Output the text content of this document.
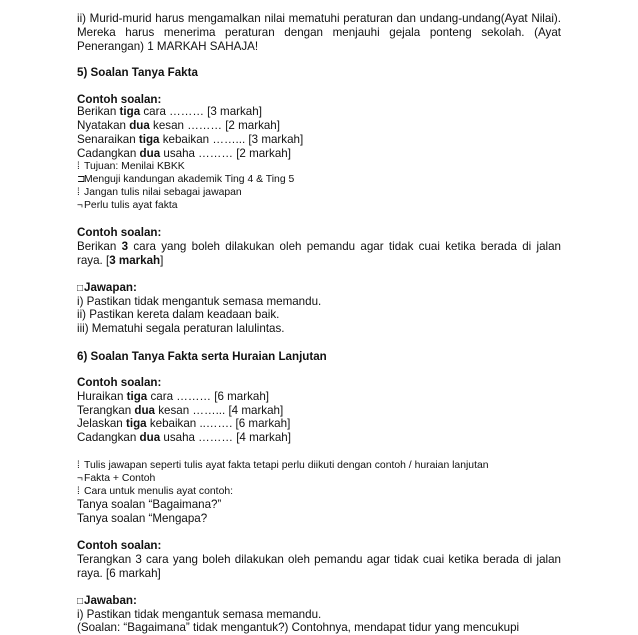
ii) Murid-murid harus mengamalkan nilai mematuhi peraturan dan undang-undang(Ayat Nilai). Mereka harus menerima peraturan dengan menjauhi gejala ponteng sekolah. (Ayat Penerangan) 1 MARKAH SAHAJA!
5) Soalan Tanya Fakta
Contoh soalan:
Berikan tiga cara ……… [3 markah]
Nyatakan dua kesan ……… [2 markah]
Senaraikan tiga kebaikan ……... [3 markah]
Cadangkan dua usaha ……… [2 markah]
⁞ Tujuan: Menilai KBKK
⊐Menguji kandungan akademik Ting 4 & Ting 5
⁞ Jangan tulis nilai sebagai jawapan
¬Perlu tulis ayat fakta
Contoh soalan:
Berikan 3 cara yang boleh dilakukan oleh pemandu agar tidak cuai ketika berada di jalan raya. [3 markah]
□Jawapan:
i) Pastikan tidak mengantuk semasa memandu.
ii) Pastikan kereta dalam keadaan baik.
iii) Mematuhi segala peraturan lalulintas.
6) Soalan Tanya Fakta serta Huraian Lanjutan
Contoh soalan:
Huraikan tiga cara ……… [6 markah]
Terangkan dua kesan ……... [4 markah]
Jelaskan tiga kebaikan ..……. [6 markah]
Cadangkan dua usaha ……… [4 markah]
⁞ Tulis jawapan seperti tulis ayat fakta tetapi perlu diikuti dengan contoh / huraian lanjutan
¬Fakta + Contoh
⁞ Cara untuk menulis ayat contoh:
Tanya soalan “Bagaimana?”
Tanya soalan “Mengapa?
Contoh soalan:
Terangkan 3 cara yang boleh dilakukan oleh pemandu agar tidak cuai ketika berada di jalan raya. [6 markah]
□Jawaban:
i) Pastikan tidak mengantuk semasa memandu.
(Soalan: “Bagaimana” tidak mengantuk?) Contohnya, mendapat tidur yang mencukupi
